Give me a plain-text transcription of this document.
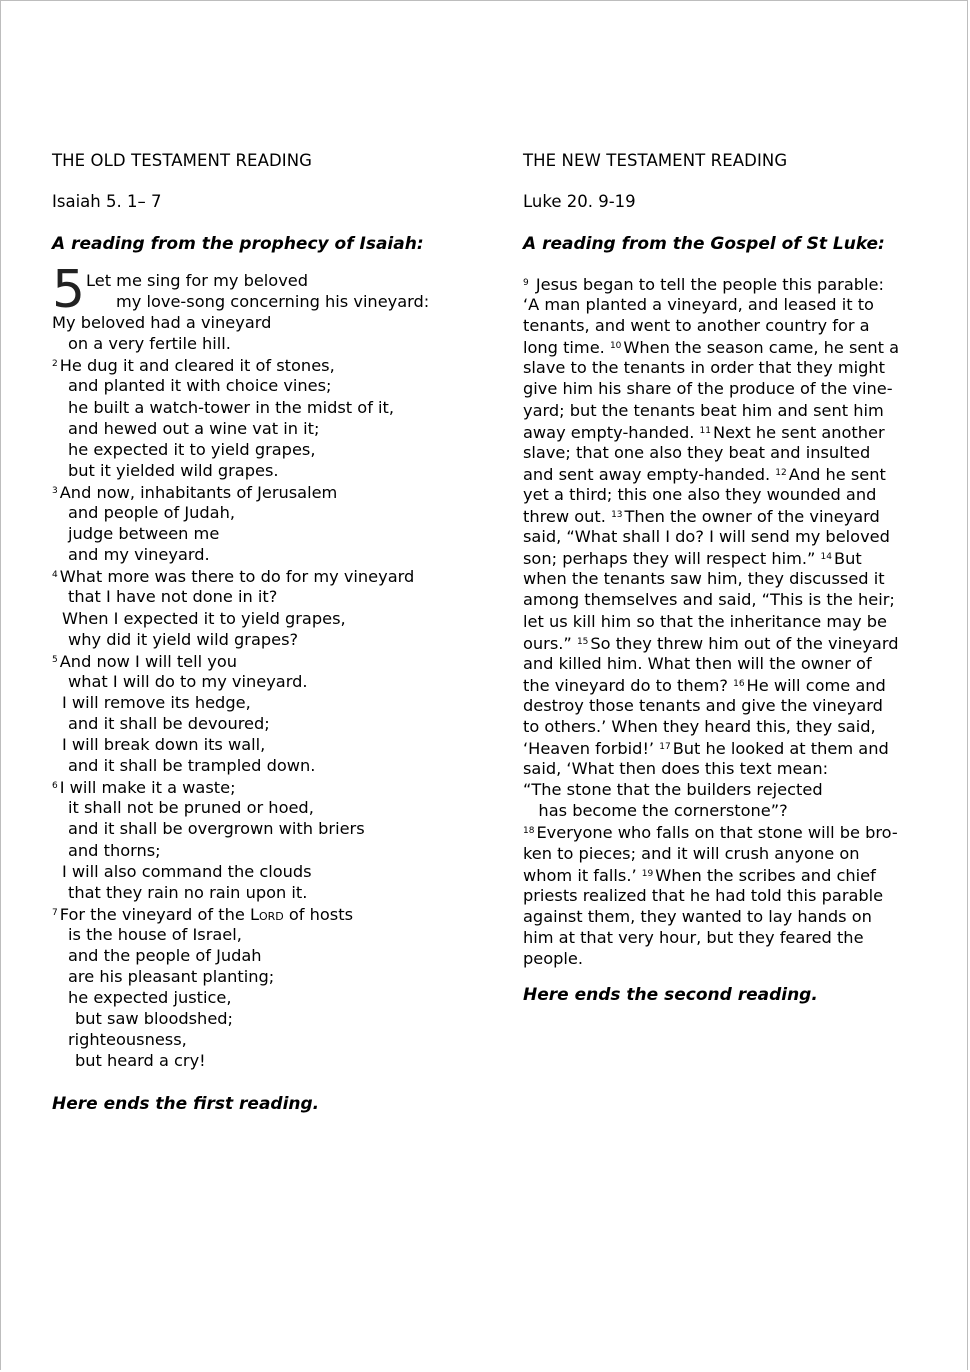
THE OLD TESTAMENT READING
Isaiah 5. 1– 7
A reading from the prophecy of Isaiah:
5 Let me sing for my beloved
my love-song concerning his vineyard:
My beloved had a vineyard
on a very fertile hill.
$^2$ He dug it and cleared it of stones,
and planted it with choice vines;
he built a watch-tower in the midst of it,
and hewed out a wine vat in it;
he expected it to yield grapes,
but it yielded wild grapes.
$^3$ And now, inhabitants of Jerusalem
and people of Judah,
judge between me
and my vineyard.
$^4$ What more was there to do for my vineyard
that I have not done in it?
When I expected it to yield grapes,
why did it yield wild grapes?
$^5$ And now I will tell you
what I will do to my vineyard.
I will remove its hedge,
and it shall be devoured;
I will break down its wall,
and it shall be trampled down.
$^6$ I will make it a waste;
it shall not be pruned or hoed,
and it shall be overgrown with briers
and thorns;
I will also command the clouds
that they rain no rain upon it.
$^7$ For the vineyard of the Lord of hosts
is the house of Israel,
and the people of Judah
are his pleasant planting;
he expected justice,
but saw bloodshed;
righteousness,
but heard a cry!
Here ends the first reading.
THE NEW TESTAMENT READING
Luke 20. 9-19
A reading from the Gospel of St Luke:
$^9$ Jesus began to tell the people this parable:
‘A man planted a vineyard, and leased it to
tenants, and went to another country for a
long time. $^{10}$ When the season came, he sent a
slave to the tenants in order that they might
give him his share of the produce of the vine-
yard; but the tenants beat him and sent him
away empty-handed. $^{11}$ Next he sent another
slave; that one also they beat and insulted
and sent away empty-handed. $^{12}$ And he sent
yet a third; this one also they wounded and
threw out. $^{13}$ Then the owner of the vineyard
said, “What shall I do? I will send my beloved
son; perhaps they will respect him.” $^{14}$ But
when the tenants saw him, they discussed it
among themselves and said, “This is the heir;
let us kill him so that the inheritance may be
ours.” $^{15}$ So they threw him out of the vineyard
and killed him. What then will the owner of
the vineyard do to them? $^{16}$ He will come and
destroy those tenants and give the vineyard
to others.’ When they heard this, they said,
‘Heaven forbid!’ $^{17}$ But he looked at them and
said, ‘What then does this text mean:
“The stone that the builders rejected
has become the cornerstone”?
$^{18}$ Everyone who falls on that stone will be bro-
ken to pieces; and it will crush anyone on
whom it falls.’ $^{19}$ When the scribes and chief
priests realized that he had told this parable
against them, they wanted to lay hands on
him at that very hour, but they feared the
people.
Here ends the second reading.
